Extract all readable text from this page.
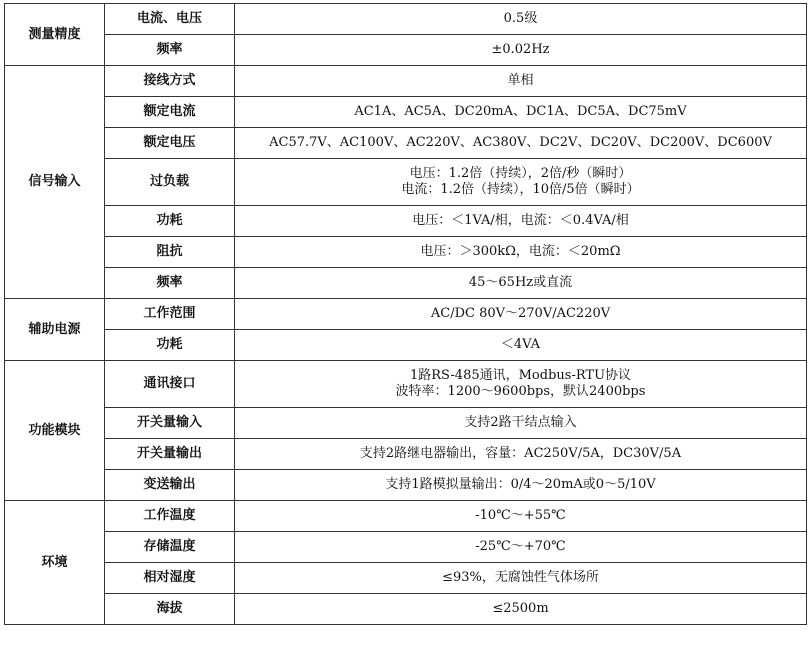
测量精度	电流、电压	0.5级

	频率	±0.02Hz

信号输入	接线方式	单相

	额定电流	AC1A、AC5A、DC20mA、DC1A、DC5A、DC75mV

	额定电压	AC57.7V、AC100V、AC220V、AC380V、DC2V、DC20V、DC200V、DC600V

	过负载	电压：1.2倍（持续），2倍/秒（瞬时）
电流：1.2倍（持续），10倍/5倍（瞬时）

	功耗	电压：＜1VA/相，电流：＜0.4VA/相

	阻抗	电压：＞300kΩ，电流：＜20mΩ

	频率	45～65Hz或直流

辅助电源	工作范围	AC/DC 80V～270V/AC220V

	功耗	＜4VA

功能模块	通讯接口	1路RS-485通讯，Modbus-RTU协议
波特率：1200～9600bps，默认2400bps

	开关量输入	支持2路干结点输入

	开关量输出	支持2路继电器输出，容量：AC250V/5A，DC30V/5A

	变送输出	支持1路模拟量输出：0/4～20mA或0～5/10V

环境	工作温度	-10℃～+55℃

	存储温度	-25℃～+70℃

	相对湿度	≤93%，无腐蚀性气体场所

	海拔	≤2500m
